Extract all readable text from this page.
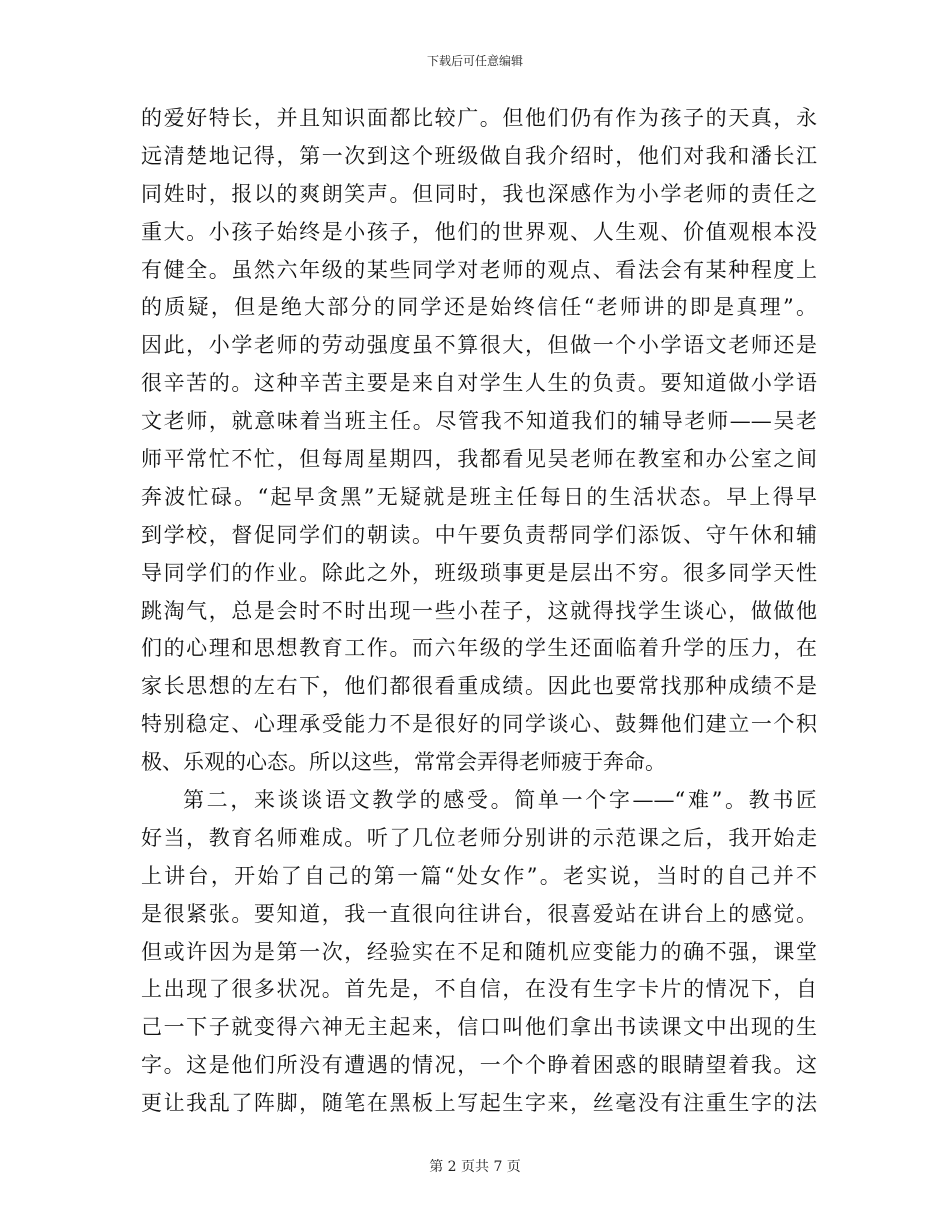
下载后可任意编辑
的爱好特长，并且知识面都比较广。但他们仍有作为孩子的天真，永
远清楚地记得，第一次到这个班级做自我介绍时，他们对我和潘长江
同姓时，报以的爽朗笑声。但同时，我也深感作为小学老师的责任之
重大。小孩子始终是小孩子，他们的世界观、人生观、价值观根本没
有健全。虽然六年级的某些同学对老师的观点、看法会有某种程度上
的质疑，但是绝大部分的同学还是始终信任“老师讲的即是真理”。
因此，小学老师的劳动强度虽不算很大，但做一个小学语文老师还是
很辛苦的。这种辛苦主要是来自对学生人生的负责。要知道做小学语
文老师，就意味着当班主任。尽管我不知道我们的辅导老师——吴老
师平常忙不忙，但每周星期四，我都看见吴老师在教室和办公室之间
奔波忙碌。“起早贪黑”无疑就是班主任每日的生活状态。早上得早
到学校，督促同学们的朝读。中午要负责帮同学们添饭、守午休和辅
导同学们的作业。除此之外，班级琐事更是层出不穷。很多同学天性
跳淘气，总是会时不时出现一些小茬子，这就得找学生谈心，做做他
们的心理和思想教育工作。而六年级的学生还面临着升学的压力，在
家长思想的左右下，他们都很看重成绩。因此也要常找那种成绩不是
特别稳定、心理承受能力不是很好的同学谈心、鼓舞他们建立一个积
极、乐观的心态。所以这些，常常会弄得老师疲于奔命。
第二，来谈谈语文教学的感受。简单一个字——“难”。教书匠
好当，教育名师难成。听了几位老师分别讲的示范课之后，我开始走
上讲台，开始了自己的第一篇“处女作”。老实说，当时的自己并不
是很紧张。要知道，我一直很向往讲台，很喜爱站在讲台上的感觉。
但或许因为是第一次，经验实在不足和随机应变能力的确不强，课堂
上出现了很多状况。首先是，不自信，在没有生字卡片的情况下，自
己一下子就变得六神无主起来，信口叫他们拿出书读课文中出现的生
字。这是他们所没有遭遇的情况，一个个睁着困惑的眼睛望着我。这
更让我乱了阵脚，随笔在黑板上写起生字来，丝毫没有注重生字的法
第 2 页共 7 页
